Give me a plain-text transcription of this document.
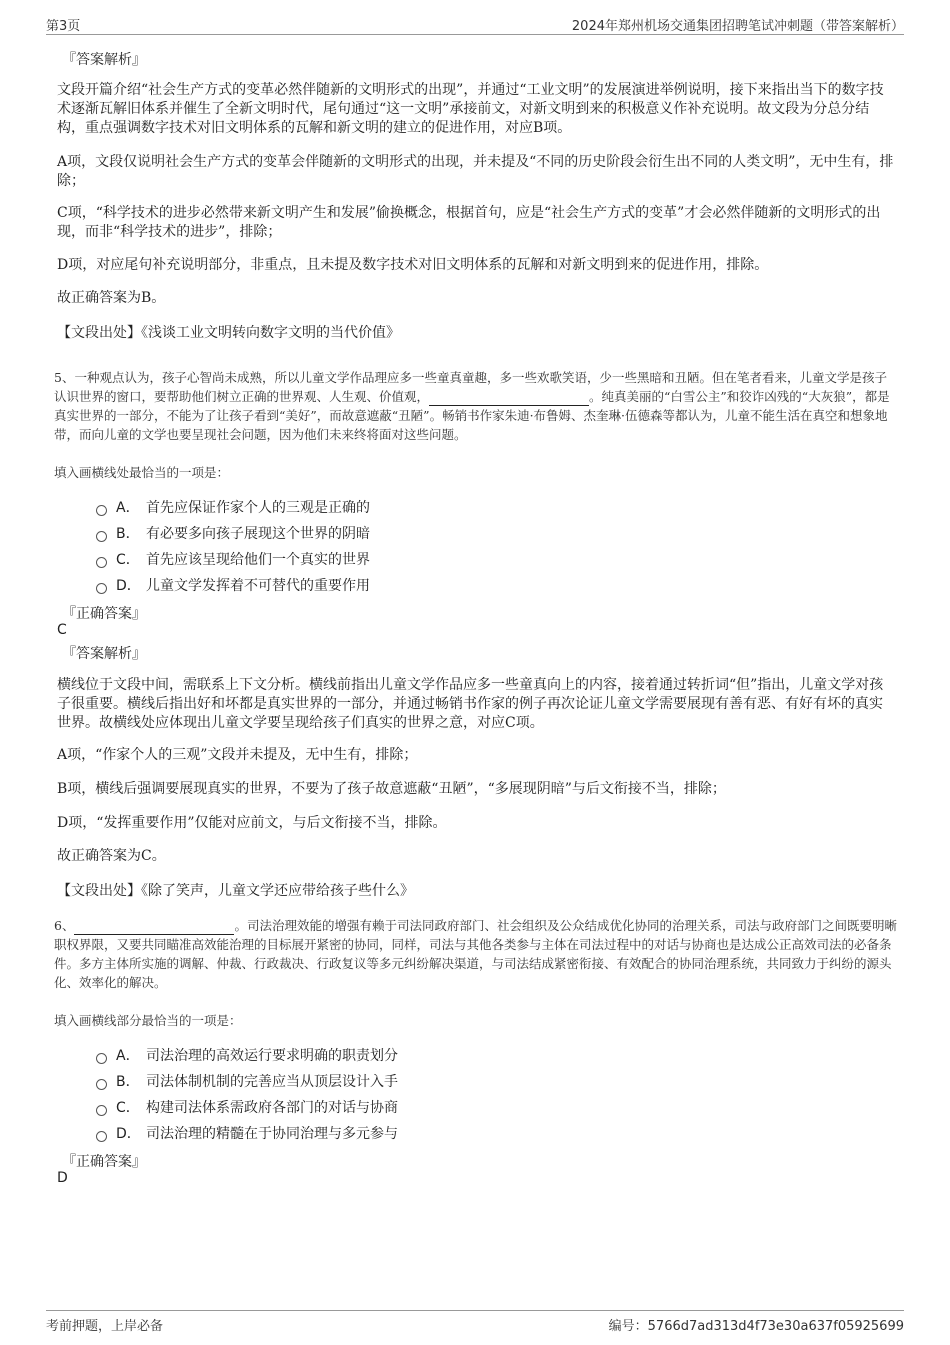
第3页	2024年郑州机场交通集团招聘笔试冲刺题（带答案解析）
『答案解析』
文段开篇介绍“社会生产方式的变革必然伴随新的文明形式的出现”，并通过“工业文明”的发展演进举例说明，接下来指出当下的数字技术逐渐瓦解旧体系并催生了全新文明时代，尾句通过“这一文明”承接前文，对新文明到来的积极意义作补充说明。故文段为分总分结构，重点强调数字技术对旧文明体系的瓦解和新文明的建立的促进作用，对应B项。
A项，文段仅说明社会生产方式的变革会伴随新的文明形式的出现，并未提及“不同的历史阶段会衍生出不同的人类文明”，无中生有，排除；
C项，“科学技术的进步必然带来新文明产生和发展”偷换概念，根据首句，应是“社会生产方式的变革”才会必然伴随新的文明形式的出现，而非“科学技术的进步”，排除；
D项，对应尾句补充说明部分，非重点，且未提及数字技术对旧文明体系的瓦解和对新文明到来的促进作用，排除。
故正确答案为B。
【文段出处】《浅谈工业文明转向数字文明的当代价值》
5、一种观点认为，孩子心智尚未成熟，所以儿童文学作品理应多一些童真童趣，多一些欢歌笑语，少一些黑暗和丑陋。但在笔者看来，儿童文学是孩子认识世界的窗口，要帮助他们树立正确的世界观、人生观、价值观，	。纯真美丽的“白雪公主”和狡诈凶残的“大灰狼”，都是真实世界的一部分，不能为了让孩子看到“美好”，而故意遮蔽“丑陋”。畅销书作家朱迪·布鲁姆、杰奎琳·伍德森等都认为，儿童不能生活在真空和想象地带，而向儿童的文学也要呈现社会问题，因为他们未来终将面对这些问题。
填入画横线处最恰当的一项是：
A． 首先应保证作家个人的三观是正确的
B． 有必要多向孩子展现这个世界的阴暗
C． 首先应该呈现给他们一个真实的世界
D． 儿童文学发挥着不可替代的重要作用
『正确答案』
C
『答案解析』
横线位于文段中间，需联系上下文分析。横线前指出儿童文学作品应多一些童真向上的内容，接着通过转折词“但”指出，儿童文学对孩子很重要。横线后指出好和坏都是真实世界的一部分，并通过畅销书作家的例子再次论证儿童文学需要展现有善有恶、有好有坏的真实世界。故横线处应体现出儿童文学要呈现给孩子们真实的世界之意，对应C项。
A项，“作家个人的三观”文段并未提及，无中生有，排除；
B项，横线后强调要展现真实的世界，不要为了孩子故意遮蔽“丑陋”，“多展现阴暗”与后文衔接不当，排除；
D项，“发挥重要作用”仅能对应前文，与后文衔接不当，排除。
故正确答案为C。
【文段出处】《除了笑声，儿童文学还应带给孩子些什么》
6、	。司法治理效能的增强有赖于司法同政府部门、社会组织及公众结成优化协同的治理关系，司法与政府部门之间既要明晰职权界限，又要共同瞄准高效能治理的目标展开紧密的协同，同样，司法与其他各类参与主体在司法过程中的对话与协商也是达成公正高效司法的必备条件。多方主体所实施的调解、仲裁、行政裁决、行政复议等多元纠纷解决渠道，与司法结成紧密衔接、有效配合的协同治理系统，共同致力于纠纷的源头化、效率化的解决。
填入画横线部分最恰当的一项是：
A． 司法治理的高效运行要求明确的职责划分
B． 司法体制机制的完善应当从顶层设计入手
C． 构建司法体系需政府各部门的对话与协商
D． 司法治理的精髓在于协同治理与多元参与
『正确答案』
D
考前押题，上岸必备	编号：5766d7ad313d4f73e30a637f05925699
